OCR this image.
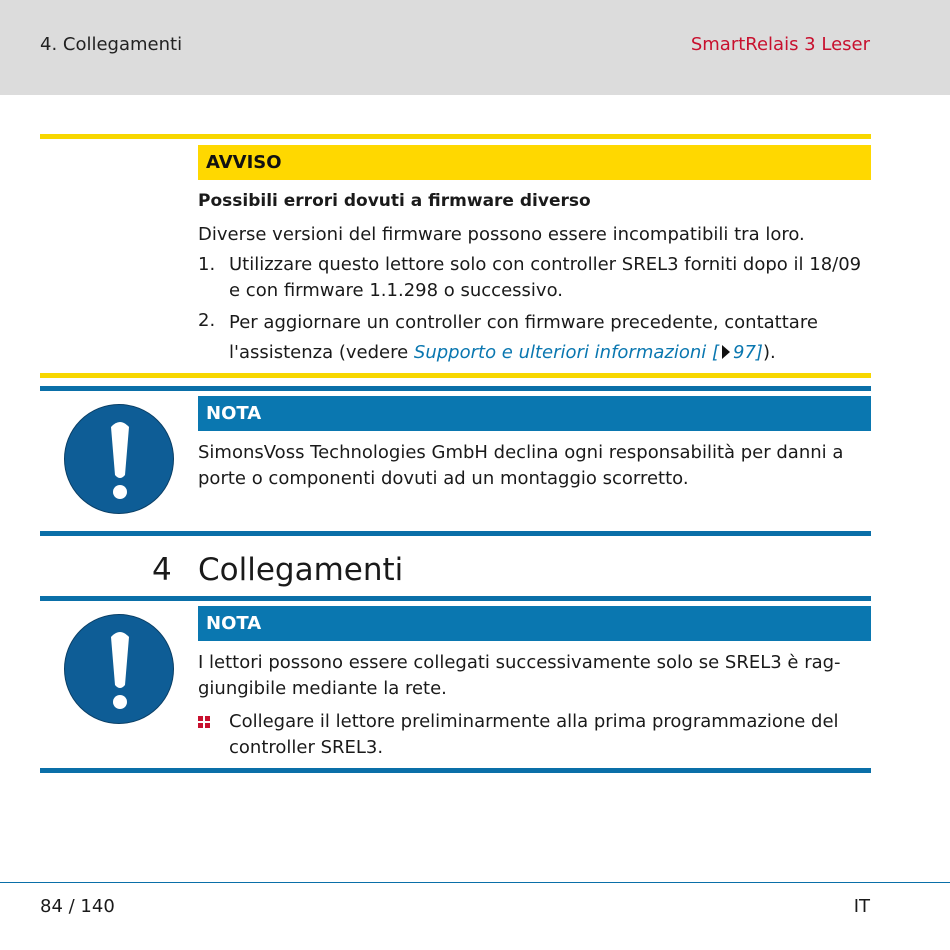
4. Collegamenti	SmartRelais 3 Leser
AVVISO
Possibili errori dovuti a firmware diverso
Diverse versioni del firmware possono essere incompatibili tra loro.
1. Utilizzare questo lettore solo con controller SREL3 forniti dopo il 18/09 e con firmware 1.1.298 o successivo.
2. Per aggiornare un controller con firmware precedente, contattare l'assistenza (vedere Supporto e ulteriori informazioni [ 97]).
NOTA
SimonsVoss Technologies GmbH declina ogni responsabilità per danni a porte o componenti dovuti ad un montaggio scorretto.
4 Collegamenti
NOTA
I lettori possono essere collegati successivamente solo se SREL3 è rag-giungibile mediante la rete.
Collegare il lettore preliminarmente alla prima programmazione del controller SREL3.
84 / 140	IT
